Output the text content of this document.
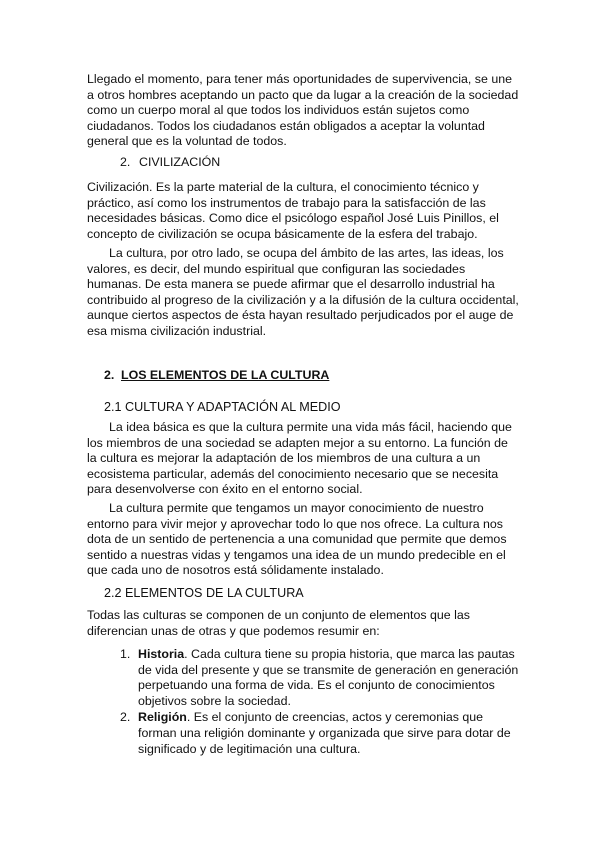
Llegado el momento, para tener más oportunidades de supervivencia, se une a otros hombres aceptando un pacto que da lugar a la creación de la sociedad como un cuerpo moral al que todos los individuos están sujetos como ciudadanos. Todos los ciudadanos están obligados a aceptar la voluntad general que es la voluntad de todos.

2. CIVILIZACIÓN

Civilización. Es la parte material de la cultura, el conocimiento técnico y práctico, así como los instrumentos de trabajo para la satisfacción de las necesidades básicas. Como dice el psicólogo español José Luis Pinillos, el concepto de civilización se ocupa básicamente de la esfera del trabajo.

La cultura, por otro lado, se ocupa del ámbito de las artes, las ideas, los valores, es decir, del mundo espiritual que configuran las sociedades humanas. De esta manera se puede afirmar que el desarrollo industrial ha contribuido al progreso de la civilización y a la difusión de la cultura occidental, aunque ciertos aspectos de ésta hayan resultado perjudicados por el auge de esa misma civilización industrial.

2. LOS ELEMENTOS DE LA CULTURA

2.1 CULTURA Y ADAPTACIÓN AL MEDIO

La idea básica es que la cultura permite una vida más fácil, haciendo que los miembros de una sociedad se adapten mejor a su entorno. La función de la cultura es mejorar la adaptación de los miembros de una cultura a un ecosistema particular, además del conocimiento necesario que se necesita para desenvolverse con éxito en el entorno social.

La cultura permite que tengamos un mayor conocimiento de nuestro entorno para vivir mejor y aprovechar todo lo que nos ofrece. La cultura nos dota de un sentido de pertenencia a una comunidad que permite que demos sentido a nuestras vidas y tengamos una idea de un mundo predecible en el que cada uno de nosotros está sólidamente instalado.

2.2 ELEMENTOS DE LA CULTURA

Todas las culturas se componen de un conjunto de elementos que las diferencian unas de otras y que podemos resumir en:

1. Historia. Cada cultura tiene su propia historia, que marca las pautas de vida del presente y que se transmite de generación en generación perpetuando una forma de vida. Es el conjunto de conocimientos objetivos sobre la sociedad.
2. Religión. Es el conjunto de creencias, actos y ceremonias que forman una religión dominante y organizada que sirve para dotar de significado y de legitimación una cultura.
